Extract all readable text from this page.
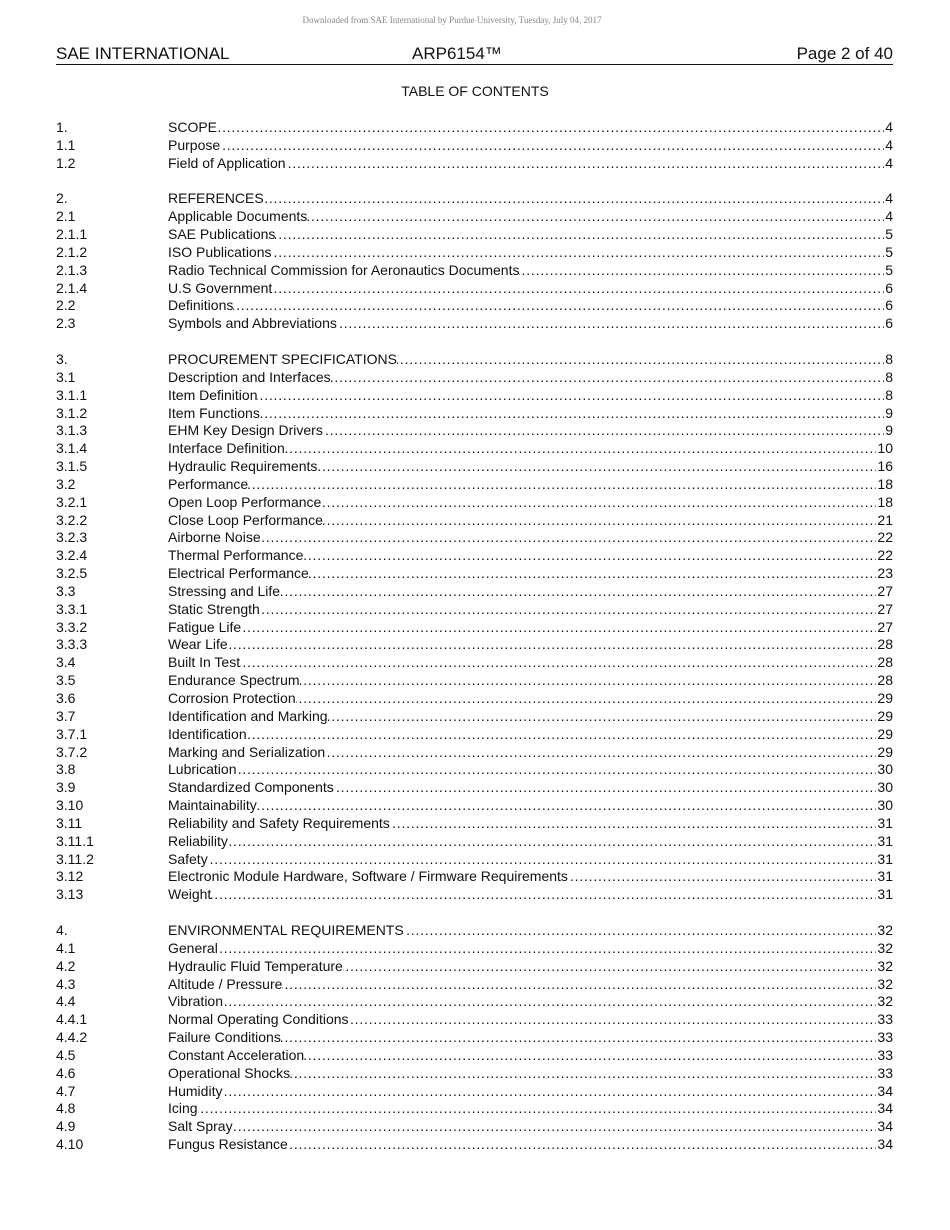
Downloaded from SAE International by Purdue University, Tuesday, July 04, 2017
SAE INTERNATIONAL	ARP6154™	Page 2 of 40
TABLE OF CONTENTS
1.	SCOPE . . .	4
1.1	Purpose . . .	4
1.2	Field of Application . . .	4
2.	REFERENCES . . .	4
2.1	Applicable Documents . . .	4
2.1.1	SAE Publications . . .	5
2.1.2	ISO Publications . . .	5
2.1.3	Radio Technical Commission for Aeronautics Documents . . .	5
2.1.4	U.S Government . . .	6
2.2	Definitions . . .	6
2.3	Symbols and Abbreviations . . .	6
3.	PROCUREMENT SPECIFICATIONS . . .	8
3.1	Description and Interfaces . . .	8
3.1.1	Item Definition . . .	8
3.1.2	Item Functions . . .	9
3.1.3	EHM Key Design Drivers . . .	9
3.1.4	Interface Definition . . .	10
3.1.5	Hydraulic Requirements . . .	16
3.2	Performance . . .	18
3.2.1	Open Loop Performance . . .	18
3.2.2	Close Loop Performance . . .	21
3.2.3	Airborne Noise . . .	22
3.2.4	Thermal Performance . . .	22
3.2.5	Electrical Performance . . .	23
3.3	Stressing and Life . . .	27
3.3.1	Static Strength . . .	27
3.3.2	Fatigue Life . . .	27
3.3.3	Wear Life . . .	28
3.4	Built In Test . . .	28
3.5	Endurance Spectrum . . .	28
3.6	Corrosion Protection . . .	29
3.7	Identification and Marking . . .	29
3.7.1	Identification . . .	29
3.7.2	Marking and Serialization . . .	29
3.8	Lubrication . . .	30
3.9	Standardized Components . . .	30
3.10	Maintainability . . .	30
3.11	Reliability and Safety Requirements . . .	31
3.11.1	Reliability . . .	31
3.11.2	Safety . . .	31
3.12	Electronic Module Hardware, Software / Firmware Requirements . . .	31
3.13	Weight . . .	31
4.	ENVIRONMENTAL REQUIREMENTS . . .	32
4.1	General . . .	32
4.2	Hydraulic Fluid Temperature . . .	32
4.3	Altitude / Pressure . . .	32
4.4	Vibration . . .	32
4.4.1	Normal Operating Conditions . . .	33
4.4.2	Failure Conditions . . .	33
4.5	Constant Acceleration . . .	33
4.6	Operational Shocks . . .	33
4.7	Humidity . . .	34
4.8	Icing . . .	34
4.9	Salt Spray . . .	34
4.10	Fungus Resistance . . .	34
